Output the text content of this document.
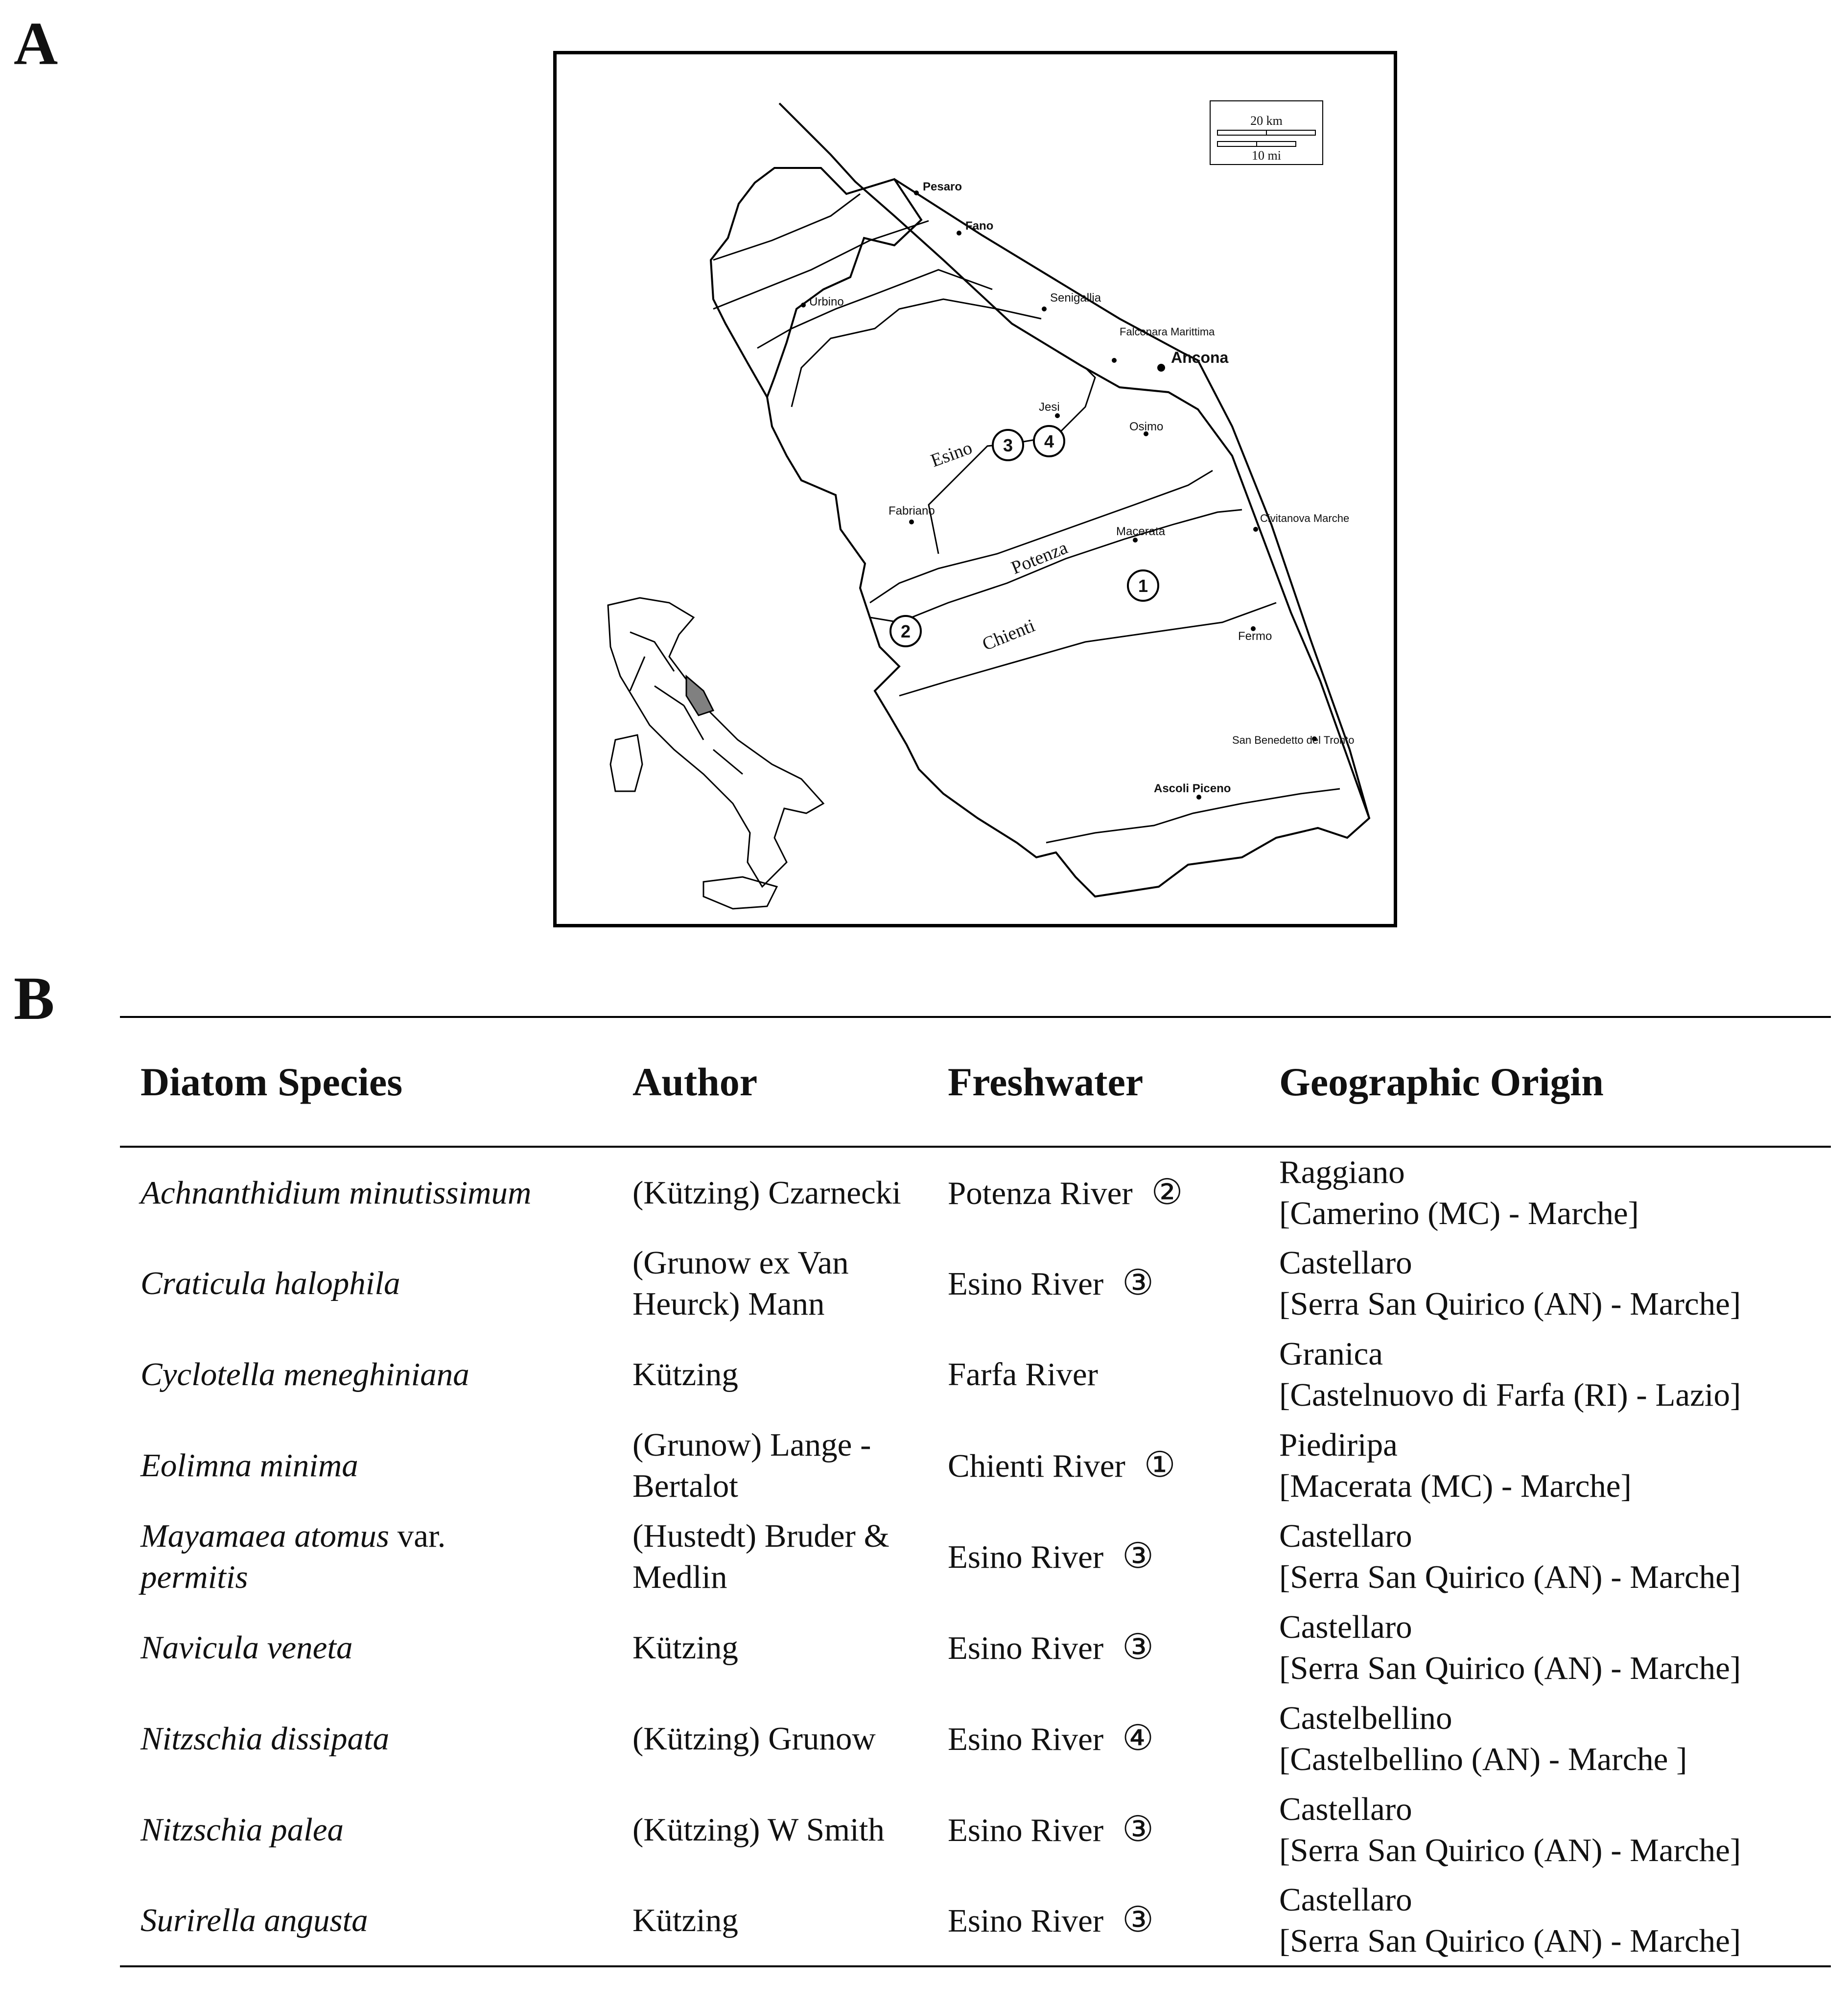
A
20 km
10 mi
Pesaro
Fano
Urbino	Senigallia
Falconara Marittima
Ancona
Jesi
Osimo
Fabriano
Macerata
Civitanova Marche
Fermo
San Benedetto del Tronto
Ascoli Piceno
Esino
Potenza
Chienti
1
2
3 4
B
Diatom Species	Author	Freshwater	Geographic Origin
Achnanthidium minutissimum	(Kützing) Czarnecki	Potenza River ②	Raggiano
[Camerino (MC) - Marche]

Craticula halophila	(Grunow ex Van Heurck) Mann	Esino River ③	Castellaro
[Serra San Quirico (AN) - Marche]

Cyclotella meneghiniana	Kützing	Farfa River	Granica
[Castelnuovo di Farfa (RI) - Lazio]

Eolimna minima	(Grunow) Lange - Bertalot	Chienti River ①	Piediripa
[Macerata (MC) - Marche]

Mayamaea atomus var.
permitis	(Hustedt) Bruder & Medlin	Esino River ③	Castellaro
[Serra San Quirico (AN) - Marche]

Navicula veneta	Kützing	Esino River ③	Castellaro
[Serra San Quirico (AN) - Marche]

Nitzschia dissipata	(Kützing) Grunow	Esino River ④	Castelbellino
[Castelbellino (AN) - Marche ]

Nitzschia palea	(Kützing) W Smith	Esino River ③	Castellaro
[Serra San Quirico (AN) - Marche]

Surirella angusta	Kützing	Esino River ③	Castellaro
[Serra San Quirico (AN) - Marche]
